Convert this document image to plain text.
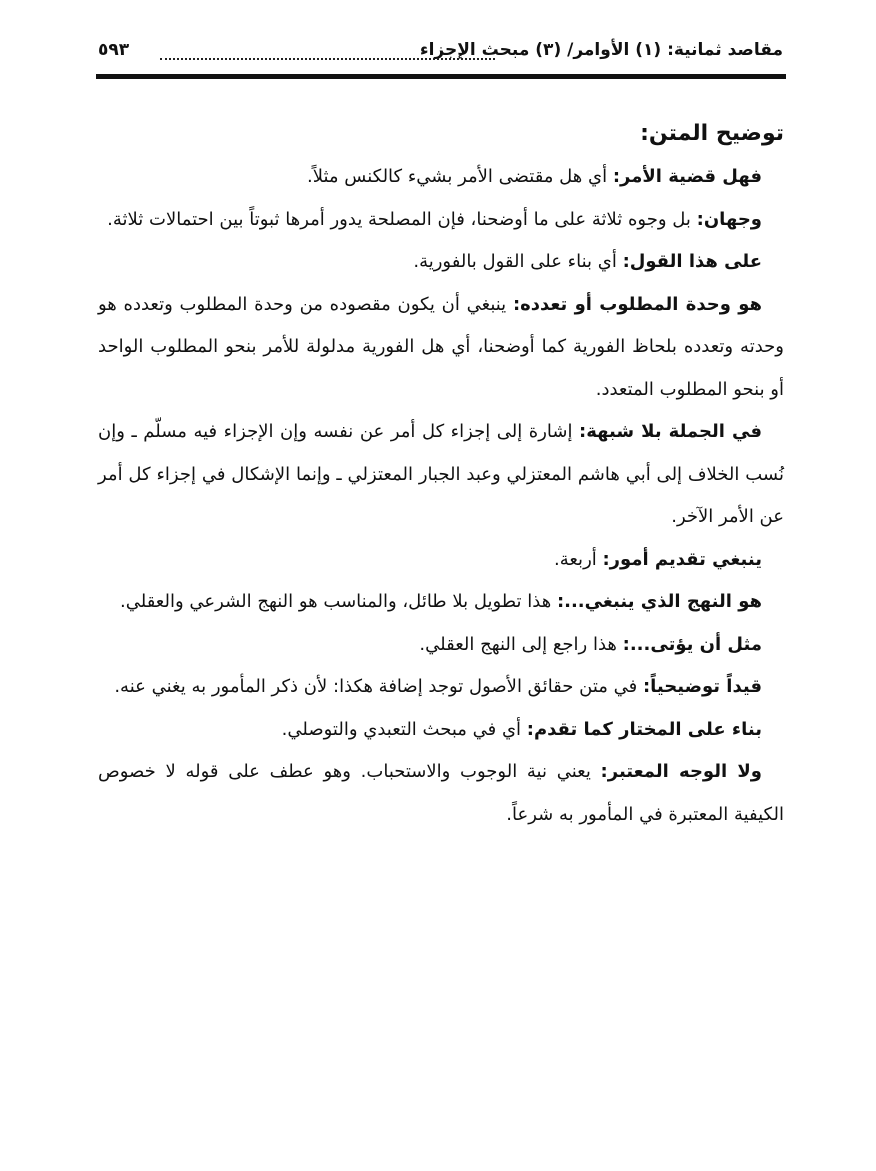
مقاصد ثمانية: (١) الأوامر/ (٣) مبحث الإجزاء
٥٩٣

توضيح المتن:

فهل قضية الأمر: أي هل مقتضى الأمر بشيء كالكنس مثلاً.

وجهان: بل وجوه ثلاثة على ما أوضحنا، فإن المصلحة يدور أمرها ثبوتاً بين احتمالات ثلاثة.

على هذا القول: أي بناء على القول بالفورية.

هو وحدة المطلوب أو تعدده: ينبغي أن يكون مقصوده من وحدة المطلوب وتعدده هو وحدته وتعدده بلحاظ الفورية كما أوضحنا، أي هل الفورية مدلولة للأمر بنحو المطلوب الواحد أو بنحو المطلوب المتعدد.

في الجملة بلا شبهة: إشارة إلى إجزاء كل أمر عن نفسه وإن الإجزاء فيه مسلّم ـ وإن نُسب الخلاف إلى أبي هاشم المعتزلي وعبد الجبار المعتزلي ـ وإنما الإشكال في إجزاء كل أمر عن الأمر الآخر.

ينبغي تقديم أمور: أربعة.

هو النهج الذي ينبغي...: هذا تطويل بلا طائل، والمناسب هو النهج الشرعي والعقلي.

مثل أن يؤتى...: هذا راجع إلى النهج العقلي.

قيداً توضيحياً: في متن حقائق الأصول توجد إضافة هكذا: لأن ذكر المأمور به يغني عنه.

بناء على المختار كما تقدم: أي في مبحث التعبدي والتوصلي.

ولا الوجه المعتبر: يعني نية الوجوب والاستحباب. وهو عطف على قوله لا خصوص الكيفية المعتبرة في المأمور به شرعاً.
